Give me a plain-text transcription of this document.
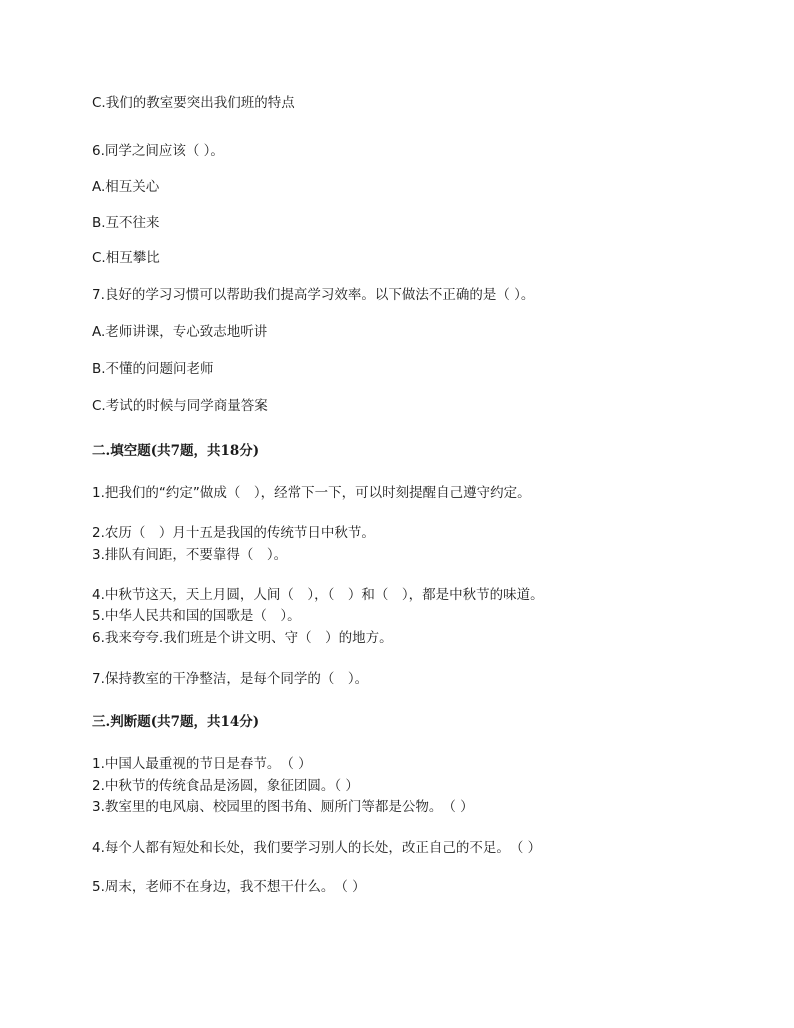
C.我们的教室要突出我们班的特点
6.同学之间应该（ ）。
A.相互关心
B.互不往来
C.相互攀比
7.良好的学习习惯可以帮助我们提高学习效率。以下做法不正确的是（ ）。
A.老师讲课，专心致志地听讲
B.不懂的问题问老师
C.考试的时候与同学商量答案
二.填空题(共7题，共18分)
1.把我们的“约定”做成（　），经常下一下，可以时刻提醒自己遵守约定。
2.农历（　）月十五是我国的传统节日中秋节。
3.排队有间距，不要靠得（　）。
4.中秋节这天，天上月圆，人间（　），（　）和（　），都是中秋节的味道。
5.中华人民共和国的国歌是（　）。
6.我来夸夸.我们班是个讲文明、守（　）的地方。
7.保持教室的干净整洁，是每个同学的（　）。
三.判断题(共7题，共14分)
1.中国人最重视的节日是春节。　（ ）
2.中秋节的传统食品是汤圆，象征团圆。（ ）
3.教室里的电风扇、校园里的图书角、厕所门等都是公物。　（ ）
4.每个人都有短处和长处，我们要学习别人的长处，改正自己的不足。　（ ）
5.周末，老师不在身边，我不想干什么。　（ ）
